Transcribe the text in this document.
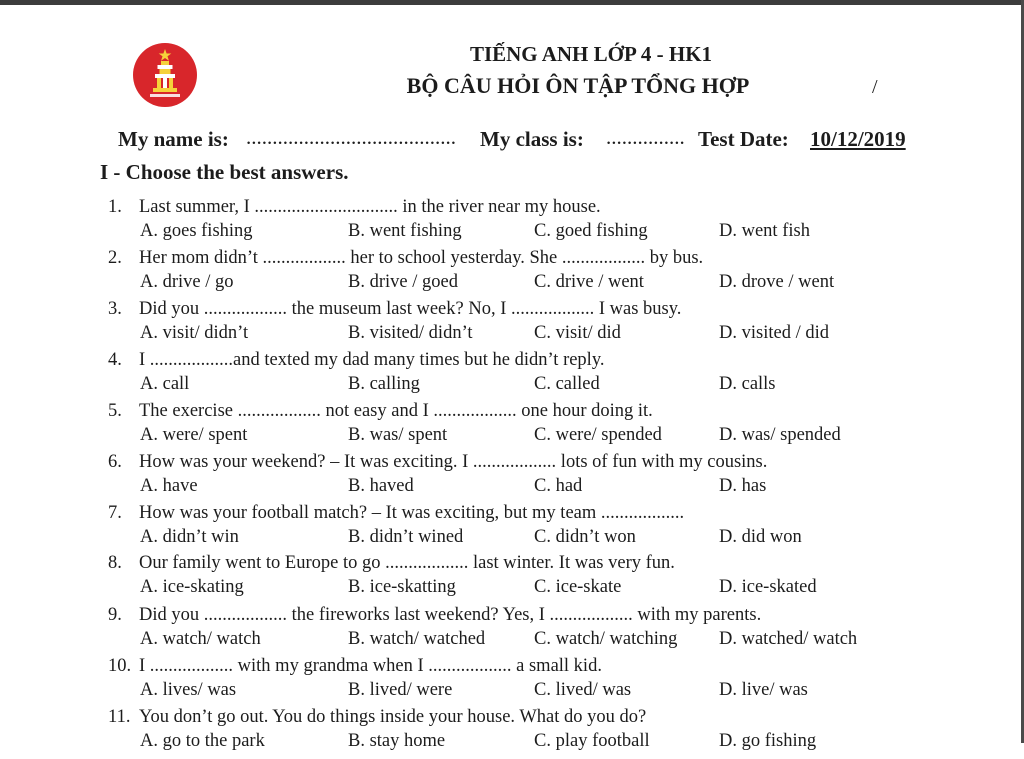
TIẾNG ANH LỚP 4 - HK1
BỘ CÂU HỎI ÔN TẬP TỔNG HỢP	/
My name is: ........................................ My class is: ............... Test Date: 10/12/2019
I - Choose the best answers.
1. Last summer, I ............................... in the river near my house.
A. goes fishing	B. went fishing	C. goed fishing	D. went fish
2. Her mom didn’t .................. her to school yesterday. She .................. by bus.
A. drive / go	B. drive / goed	C. drive / went	D. drove / went
3. Did you .................. the museum last week? No, I .................. I was busy.
A. visit/ didn’t	B. visited/ didn’t	C. visit/ did	D. visited / did
4. I ..................and texted my dad many times but he didn’t reply.
A. call	B. calling	C. called	D. calls
5. The exercise .................. not easy and I .................. one hour doing it.
A. were/ spent	B. was/ spent	C. were/ spended	D. was/ spended
6. How was your weekend? – It was exciting. I .................. lots of fun with my cousins.
A. have	B. haved	C. had	D. has
7. How was your football match? – It was exciting, but my team ..................
A. didn’t win	B. didn’t wined	C. didn’t won	D. did won
8. Our family went to Europe to go .................. last winter. It was very fun.
A. ice-skating	B. ice-skatting	C. ice-skate	D. ice-skated
9. Did you .................. the fireworks last weekend? Yes, I .................. with my parents.
A. watch/ watch	B. watch/ watched	C. watch/ watching D. watched/ watch
10. I .................. with my grandma when I .................. a small kid.
A. lives/ was	B. lived/ were	C. lived/ was	D. live/ was
11. You don’t go out. You do things inside your house. What do you do?
A. go to the park	B. stay home	C. play football	D. go fishing
